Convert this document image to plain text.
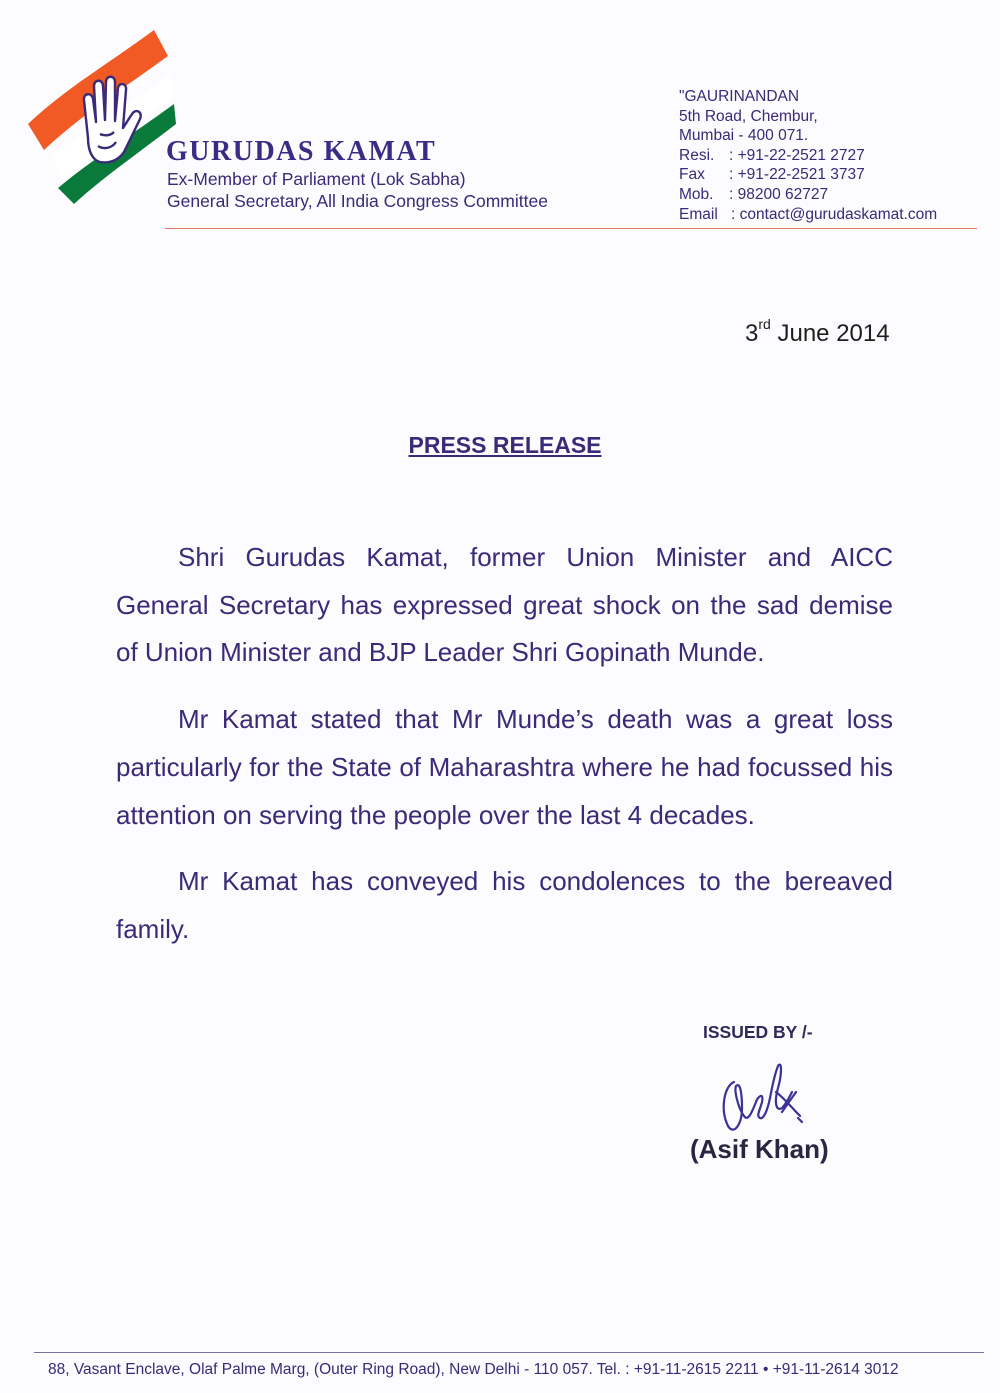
GURUDAS KAMAT
Ex-Member of Parliament (Lok Sabha)
General Secretary, All India Congress Committee
"GAURINANDAN
5th Road, Chembur,
Mumbai - 400 071.
Resi. : +91-22-2521 2727
Fax : +91-22-2521 3737
Mob. : 98200 62727
Email : contact@gurudaskamat.com
3rd June 2014
PRESS RELEASE

Shri Gurudas Kamat, former Union Minister and AICC General Secretary has expressed great shock on the sad demise of Union Minister and BJP Leader Shri Gopinath Munde.

Mr Kamat stated that Mr Munde’s death was a great loss particularly for the State of Maharashtra where he had focussed his attention on serving the people over the last 4 decades.

Mr Kamat has conveyed his condolences to the bereaved family.

ISSUED BY /-
(Asif Khan)
88, Vasant Enclave, Olaf Palme Marg, (Outer Ring Road), New Delhi - 110 057. Tel. : +91-11-2615 2211 • +91-11-2614 3012
